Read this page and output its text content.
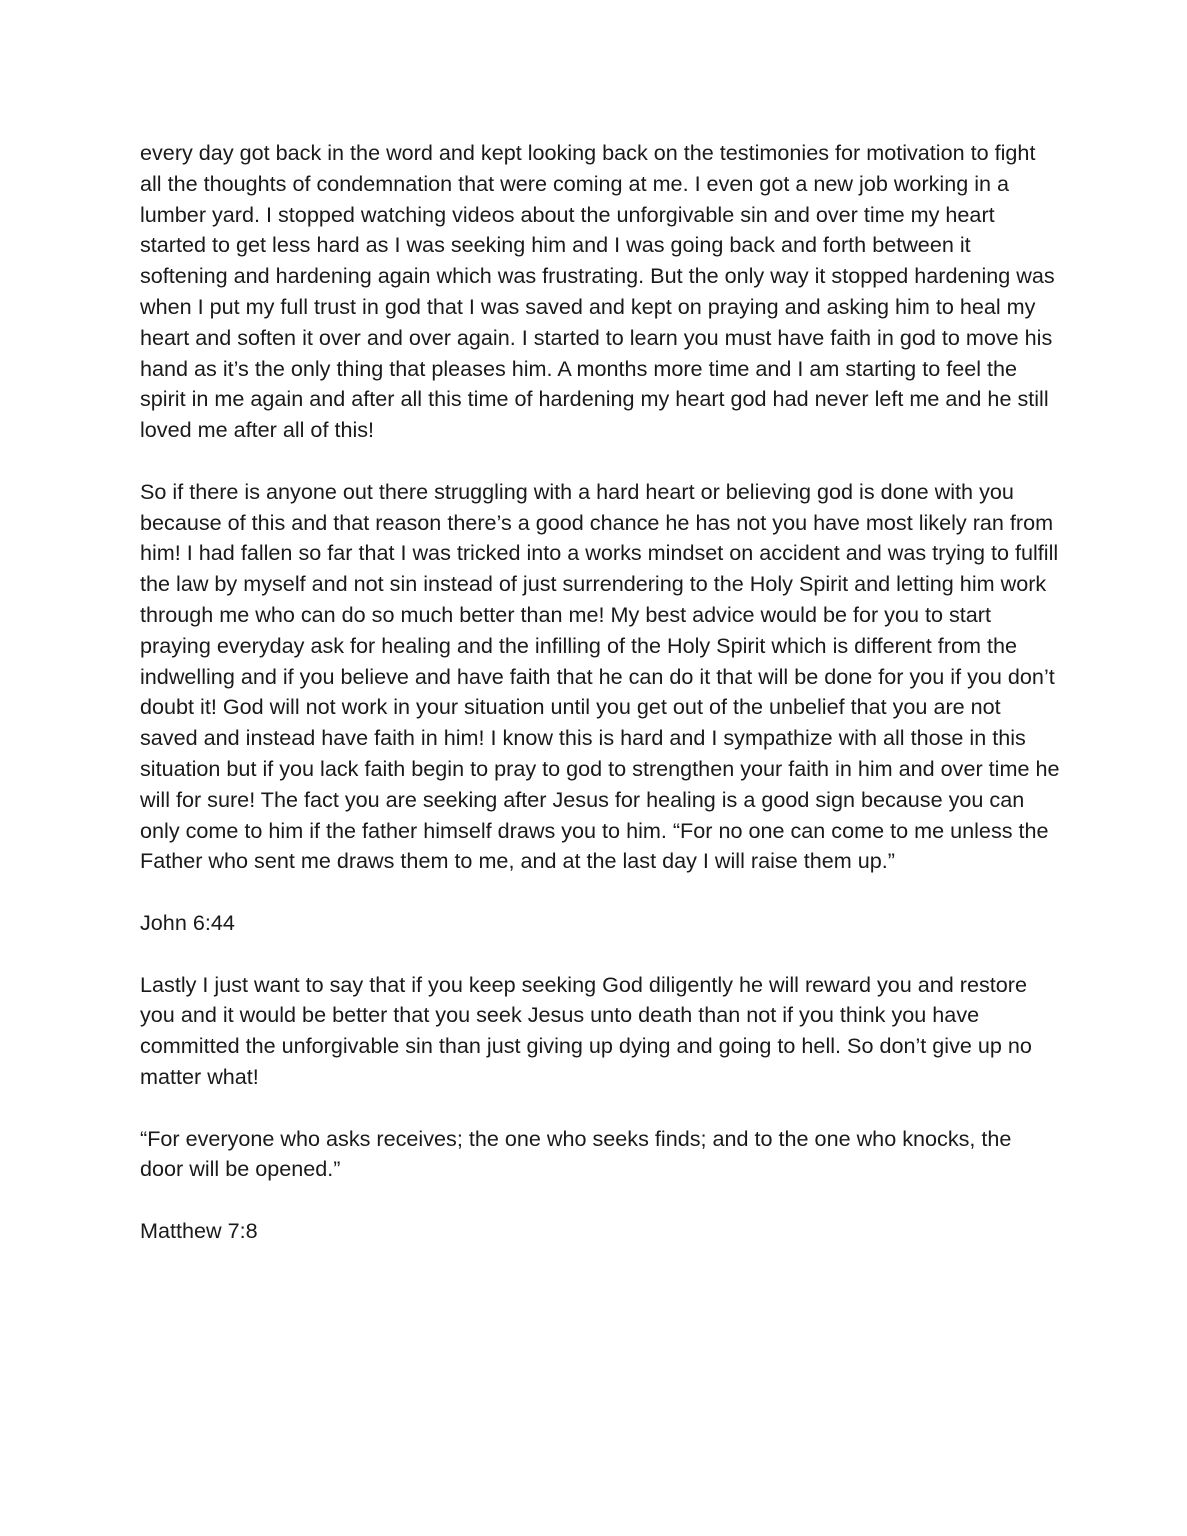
every day got back in the word and kept looking back on the testimonies for motivation to fight all the thoughts of condemnation that were coming at me. I even got a new job working in a lumber yard. I stopped watching videos about the unforgivable sin and over time my heart started to get less hard as I was seeking him and I was going back and forth between it softening and hardening again which was frustrating. But the only way it stopped hardening was when I put my full trust in god that I was saved and kept on praying and asking him to heal my heart and soften it over and over again. I started to learn you must have faith in god to move his hand as it’s the only thing that pleases him. A months more time and I am starting to feel the spirit in me again and after all this time of hardening my heart god had never left me and he still loved me after all of this!

So if there is anyone out there struggling with a hard heart or believing god is done with you because of this and that reason there’s a good chance he has not you have most likely ran from him! I had fallen so far that I was tricked into a works mindset on accident and was trying to fulfill the law by myself and not sin instead of just surrendering to the Holy Spirit and letting him work through me who can do so much better than me! My best advice would be for you to start praying everyday ask for healing and the infilling of the Holy Spirit which is different from the indwelling and if you believe and have faith that he can do it that will be done for you if you don’t doubt it! God will not work in your situation until you get out of the unbelief that you are not saved and instead have faith in him! I know this is hard and I sympathize with all those in this situation but if you lack faith begin to pray to god to strengthen your faith in him and over time he will for sure! The fact you are seeking after Jesus for healing is a good sign because you can only come to him if the father himself draws you to him. “For no one can come to me unless the Father who sent me draws them to me, and at the last day I will raise them up.”

John 6:44

Lastly I just want to say that if you keep seeking God diligently he will reward you and restore you and it would be better that you seek Jesus unto death than not if you think you have committed the unforgivable sin than just giving up dying and going to hell. So don’t give up no matter what!

“For everyone who asks receives; the one who seeks finds; and to the one who knocks, the door will be opened.”

Matthew 7:8
